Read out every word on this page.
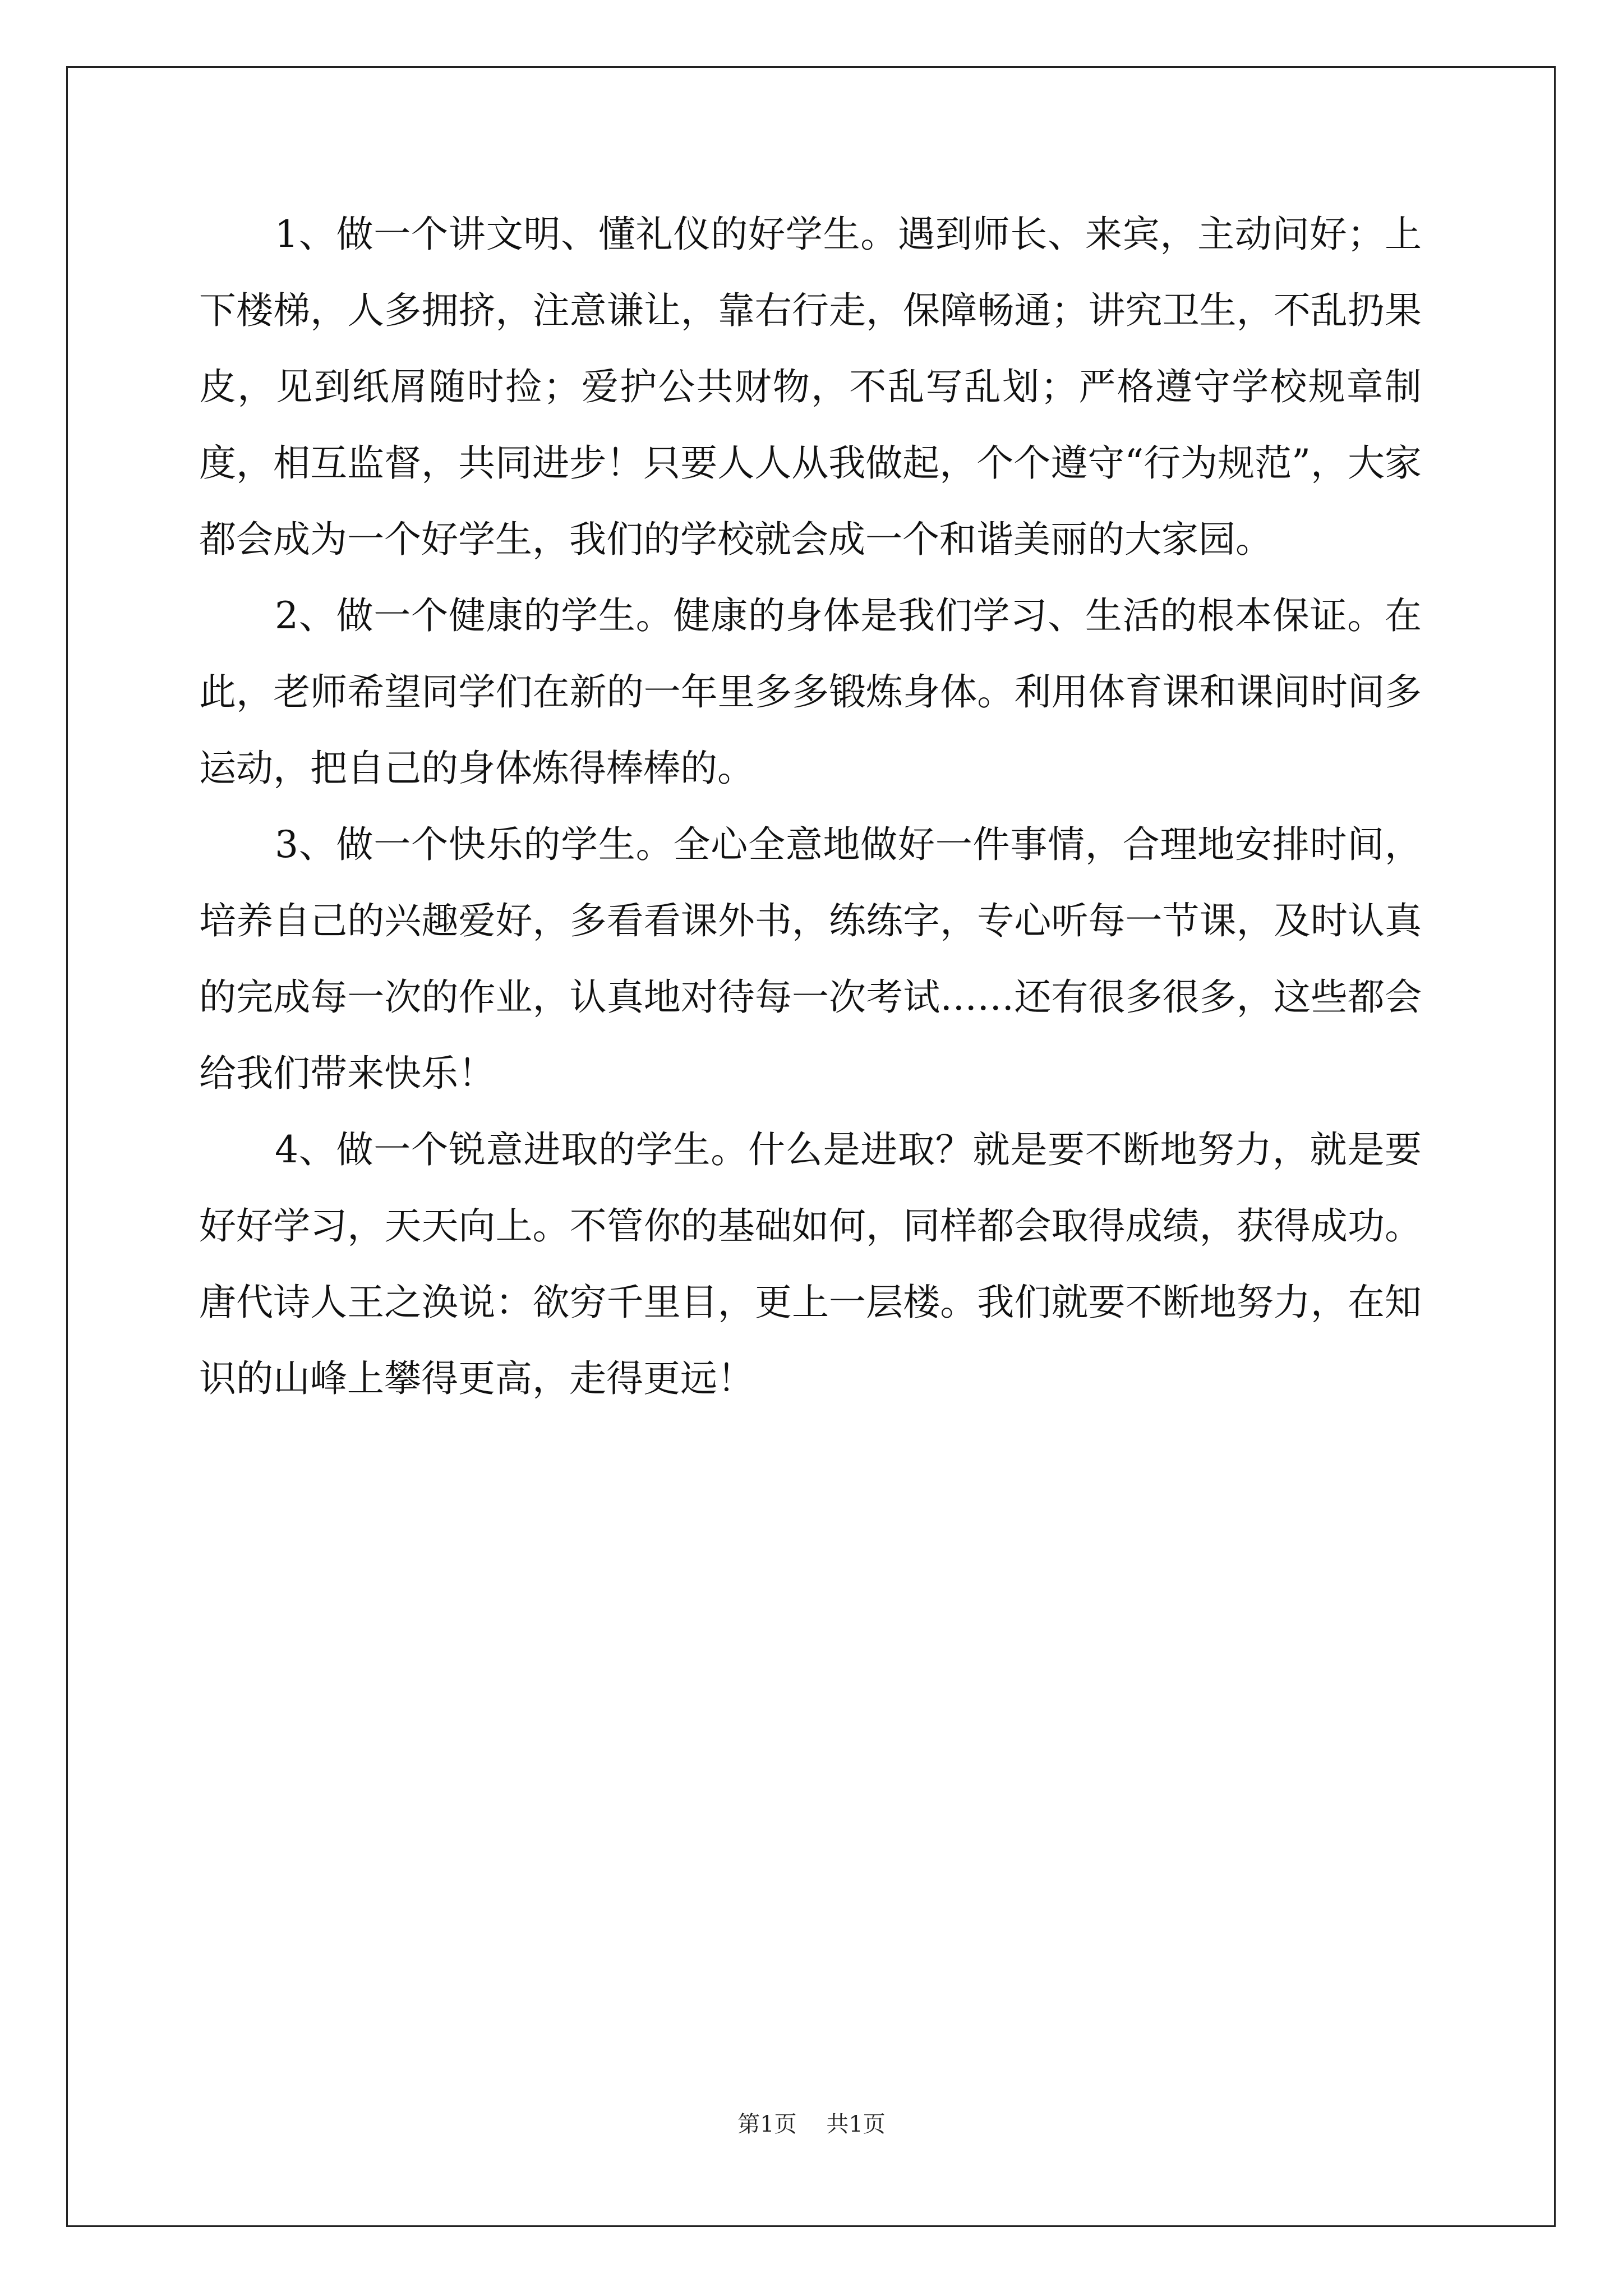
1、做一个讲文明、懂礼仪的好学生。遇到师长、来宾，主动问好；上下楼梯，人多拥挤，注意谦让，靠右行走，保障畅通；讲究卫生，不乱扔果皮，见到纸屑随时捡；爱护公共财物，不乱写乱划；严格遵守学校规章制度，相互监督，共同进步！只要人人从我做起，个个遵守“行为规范”，大家都会成为一个好学生，我们的学校就会成一个和谐美丽的大家园。

2、做一个健康的学生。健康的身体是我们学习、生活的根本保证。在此，老师希望同学们在新的一年里多多锻炼身体。利用体育课和课间时间多运动，把自己的身体炼得棒棒的。

3、做一个快乐的学生。全心全意地做好一件事情，合理地安排时间，培养自己的兴趣爱好，多看看课外书，练练字，专心听每一节课，及时认真的完成每一次的作业，认真地对待每一次考试……还有很多很多，这些都会给我们带来快乐！

4、做一个锐意进取的学生。什么是进取？就是要不断地努力，就是要好好学习，天天向上。不管你的基础如何，同样都会取得成绩，获得成功。唐代诗人王之涣说：欲穷千里目，更上一层楼。我们就要不断地努力，在知识的山峰上攀得更高，走得更远！

第1页 共1页
